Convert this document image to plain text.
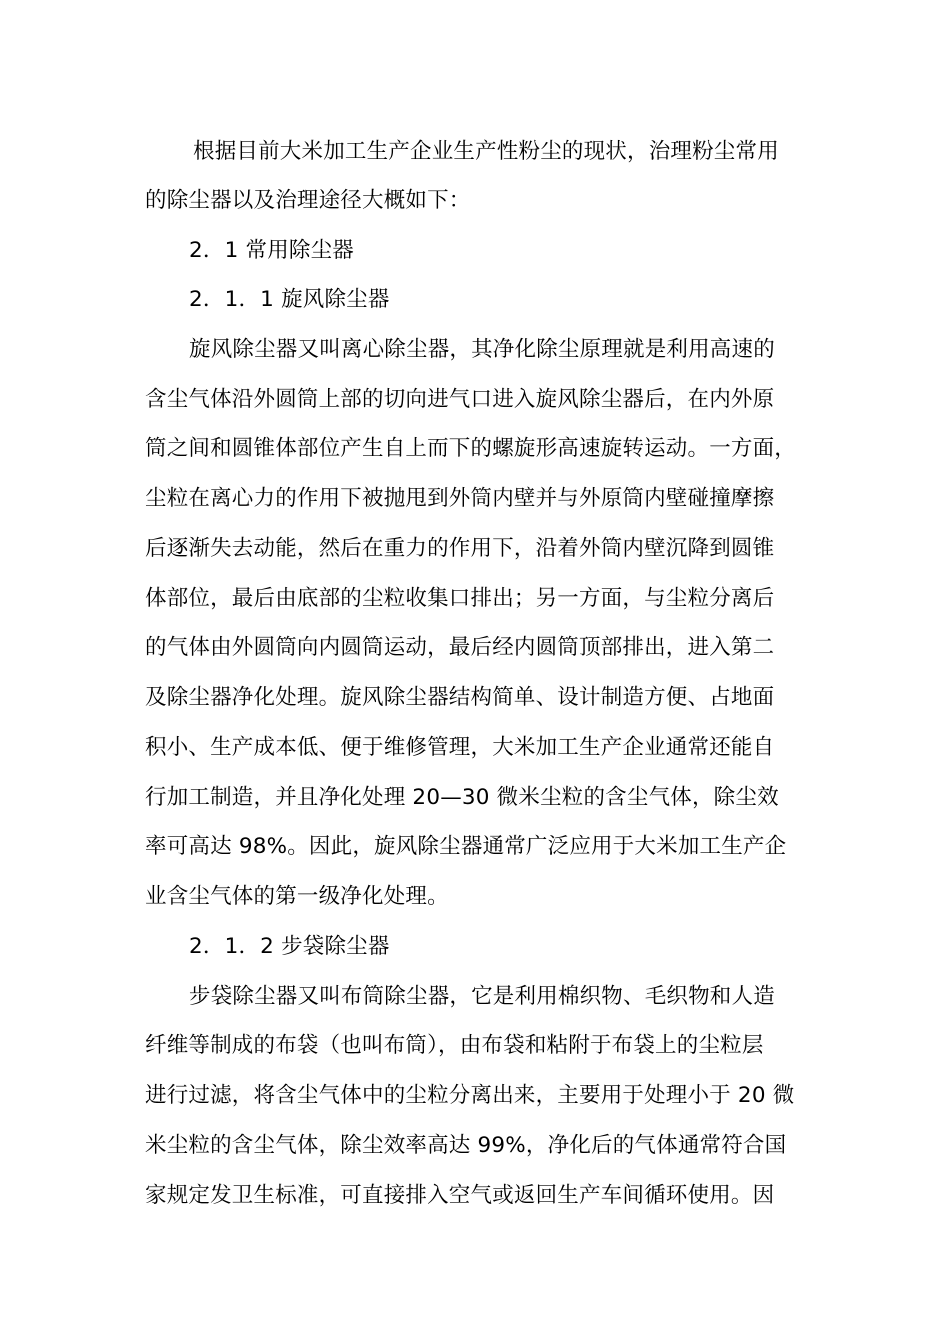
根据目前大米加工生产企业生产性粉尘的现状，治理粉尘常用
的除尘器以及治理途径大概如下：
2．1 常用除尘器
2．1．1 旋风除尘器
旋风除尘器又叫离心除尘器，其净化除尘原理就是利用高速的
含尘气体沿外圆筒上部的切向进气口进入旋风除尘器后，在内外原
筒之间和圆锥体部位产生自上而下的螺旋形高速旋转运动。一方面，
尘粒在离心力的作用下被抛甩到外筒内壁并与外原筒内壁碰撞摩擦
后逐渐失去动能，然后在重力的作用下，沿着外筒内壁沉降到圆锥
体部位，最后由底部的尘粒收集口排出；另一方面，与尘粒分离后
的气体由外圆筒向内圆筒运动，最后经内圆筒顶部排出，进入第二
及除尘器净化处理。旋风除尘器结构简单、设计制造方便、占地面
积小、生产成本低、便于维修管理，大米加工生产企业通常还能自
行加工制造，并且净化处理 20—30 微米尘粒的含尘气体，除尘效
率可高达 98%。因此，旋风除尘器通常广泛应用于大米加工生产企
业含尘气体的第一级净化处理。
2．1．2 步袋除尘器
步袋除尘器又叫布筒除尘器，它是利用棉织物、毛织物和人造
纤维等制成的布袋（也叫布筒），由布袋和粘附于布袋上的尘粒层
进行过滤，将含尘气体中的尘粒分离出来，主要用于处理小于 20 微
米尘粒的含尘气体，除尘效率高达 99%，净化后的气体通常符合国
家规定发卫生标准，可直接排入空气或返回生产车间循环使用。因
